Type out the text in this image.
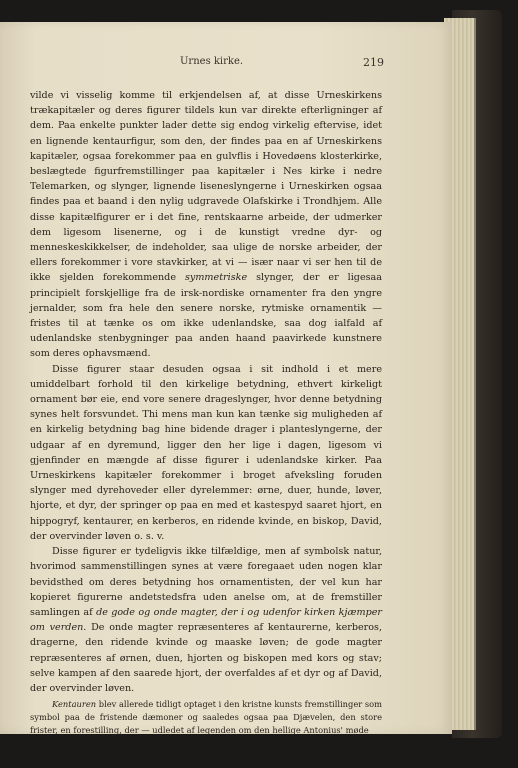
Urnes kirke.	219

vilde vi visselig komme til erkjendelsen af, at disse Urneskirkens trækapitæler og deres figurer tildels kun var direkte efterligninger af dem. Paa enkelte punkter lader dette sig endog virkelig eftervise, idet en lignende kentaurfigur, som den, der findes paa en af Urneskirkens kapitæler, ogsaa forekommer paa en gulvflis i Hovedøens klosterkirke, beslægtede figurfremstillinger paa kapitæler i Nes kirke i nedre Telemarken, og slynger, lignende liseneslyngerne i Urneskirken ogsaa findes paa et baand i den nylig udgravede Olafskirke i Trondhjem. Alle disse kapitælfigurer er i det fine, rentskaarne arbeide, der udmerker dem ligesom lisenerne, og i de kunstigt vredne dyr- og menneskeskikkelser, de indeholder, saa ulige de norske arbeider, der ellers forekommer i vore stavkirker, at vi — især naar vi ser hen til de ikke sjelden forekommende symmetriske slynger, der er ligesaa principielt forskjellige fra de irsk-nordiske ornamenter fra den yngre jernalder, som fra hele den senere norske, rytmiske ornamentik — fristes til at tænke os om ikke udenlandske, saa dog ialfald af udenlandske stenbygninger paa anden haand paavirkede kunstnere som deres ophavsmænd.

Disse figurer staar desuden ogsaa i sit indhold i et mere umiddelbart forhold til den kirkelige betydning, ethvert kirkeligt ornament bør eie, end vore senere drageslynger, hvor denne betydning synes helt forsvundet. Thi mens man kun kan tænke sig muligheden af en kirkelig betydning bag hine bidende drager i planteslyngerne, der udgaar af en dyremund, ligger den her lige i dagen, ligesom vi gjenfinder en mængde af disse figurer i udenlandske kirker. Paa Urneskirkens kapitæler forekommer i broget afveksling foruden slynger med dyrehoveder eller dyrelemmer: ørne, duer, hunde, løver, hjorte, et dyr, der springer op paa en med et kastespyd saaret hjort, en hippogryf, kentaurer, en kerberos, en ridende kvinde, en biskop, David, der overvinder løven o. s. v.

Disse figurer er tydeligvis ikke tilfældige, men af symbolsk natur, hvorimod sammenstillingen synes at være foregaaet uden nogen klar bevidsthed om deres betydning hos ornamentisten, der vel kun har kopieret figurerne andetstedsfra uden anelse om, at de fremstiller samlingen af de gode og onde magter, der i og udenfor kirken kjæmper om verden. De onde magter repræsenteres af kentaurerne, kerberos, dragerne, den ridende kvinde og maaske løven; de gode magter repræsenteres af ørnen, duen, hjorten og biskopen med kors og stav; selve kampen af den saarede hjort, der overfaldes af et dyr og af David, der overvinder løven.

Kentauren blev allerede tidligt optaget i den kristne kunsts fremstillinger som symbol paa de fristende dæmoner og saaledes ogsaa paa Djævelen, den store frister, en forestilling, der — udledet af legenden om den hellige Antonius' møde
